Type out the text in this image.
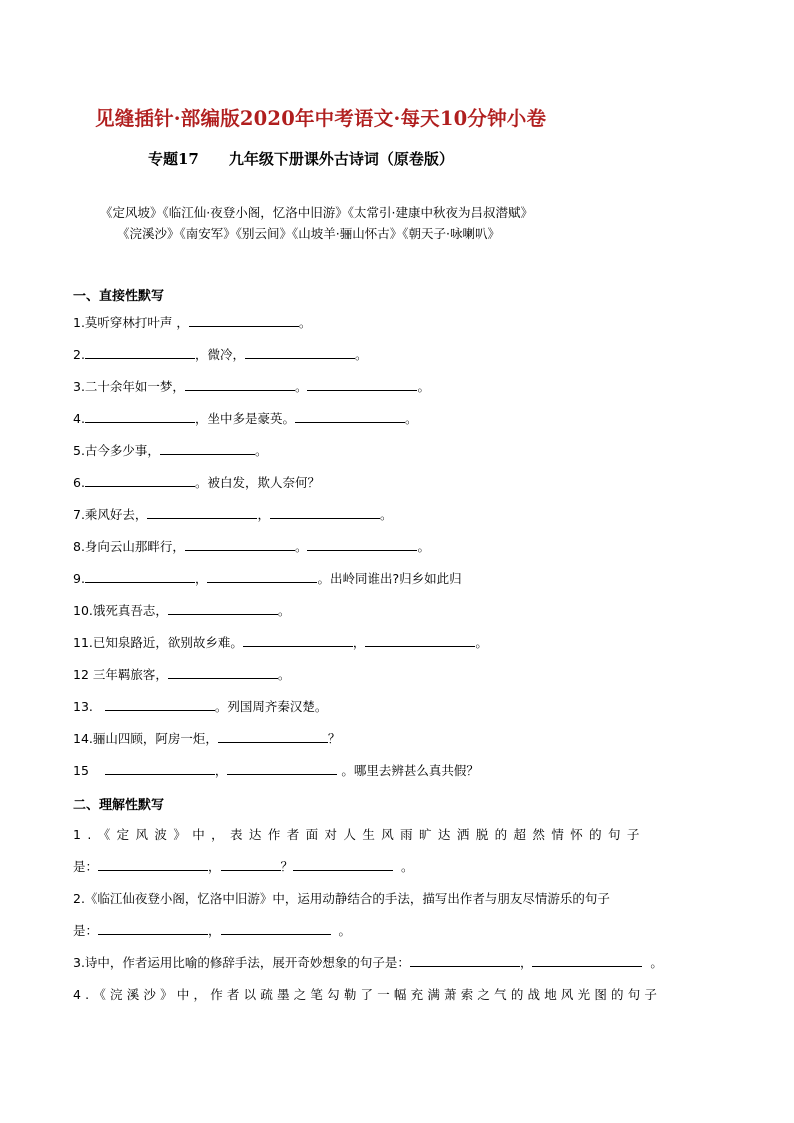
见缝插针·部编版2020年中考语文·每天10分钟小卷
专题17 九年级下册课外古诗词（原卷版）
《定风坡》《临江仙·夜登小阁，忆洛中旧游》《太常引·建康中秋夜为吕叔潜赋》
《浣溪沙》《南安军》《别云间》《山坡羊·骊山怀古》《朝天子·咏喇叭》
一、直接性默写
1.莫听穿林打叶声 ，	。
2.	，微冷，	。
3.二十余年如一梦，	。	。
4.	，坐中多是豪英。	。
5.古今多少事，	。
6.	。被白发，欺人奈何？
7.乘风好去，	，	。
8.身向云山那畔行，	。	。
9.	，	。出岭同谁出?归乡如此归
10.饿死真吾志，	。
11.已知泉路近，欲别故乡难。	，	。
12 三年羁旅客，	。
13.	。列国周齐秦汉楚。
14.骊山四顾，阿房一炬，	？
15	，	。哪里去辨甚么真共假？
二、理解性默写
1.《定风波》中，表达作者面对人生风雨旷达洒脱的超然情怀的句子
是：	，	？	。
2.《临江仙夜登小阁，忆洛中旧游》中，运用动静结合的手法，描写出作者与朋友尽情游乐的句子
是：	，	。
3.诗中，作者运用比喻的修辞手法，展开奇妙想象的句子是：	，	。
4.《浣溪沙》中，作者以疏墨之笔勾勒了一幅充满萧索之气的战地风光图的句子
